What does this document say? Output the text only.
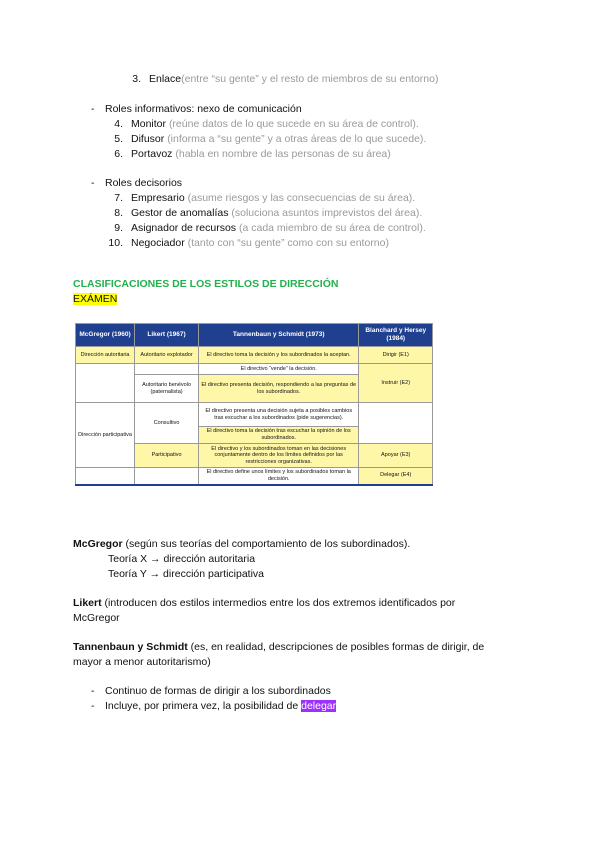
3. Enlace(entre “su gente” y el resto de miembros de su entorno)
- Roles informativos: nexo de comunicación
4. Monitor (reúne datos de lo que sucede en su área de control).
5. Difusor (informa a “su gente” y a otras áreas de lo que sucede).
6. Portavoz (habla en nombre de las personas de su área)
- Roles decisorios
7. Empresario (asume riesgos y las consecuencias de su área).
8. Gestor de anomalías (soluciona asuntos imprevistos del área).
9. Asignador de recursos (a cada miembro de su área de control).
10. Negociador (tanto con “su gente” como con su entorno)
CLASIFICACIONES DE LOS ESTILOS DE DIRECCIÓN
EXÁMEN
McGregor (1960)	Likert (1967)	Tannenbaun y Schmidt (1973)	Blanchard y Hersey (1984)
Dirección autoritaria	Autoritario explotador	El directivo toma la decisión y los subordinados la aceptan.	Dirigir (E1)
		El directivo “vende” la decisión.	Instruir (E2)
	Autoritario benévolo (paternalista)	El directivo presenta decisión, respondiendo a las preguntas de los subordinados.	
Dirección participativa	Consultivo	El directivo presenta una decisión sujeta a posibles cambios tras escuchar a los subordinados (pide sugerencias).	
		El directivo toma la decisión tras escuchar la opinión de los subordinados.	
	Participativo	El directivo y los subordinados toman en las decisiones conjuntamente dentro de los límites definidos por las restricciones organizativas.	Apoyar (E3)
		El directivo define unos límites y los subordinados toman la decisión.	Delegar (E4)
McGregor (según sus teorías del comportamiento de los subordinados).
Teoría X → dirección autoritaria
Teoría Y → dirección participativa
Likert (introducen dos estilos intermedios entre los dos extremos identificados por
McGregor
Tannenbaun y Schmidt (es, en realidad, descripciones de posibles formas de dirigir, de
mayor a menor autoritarismo)
- Continuo de formas de dirigir a los subordinados
- Incluye, por primera vez, la posibilidad de delegar
